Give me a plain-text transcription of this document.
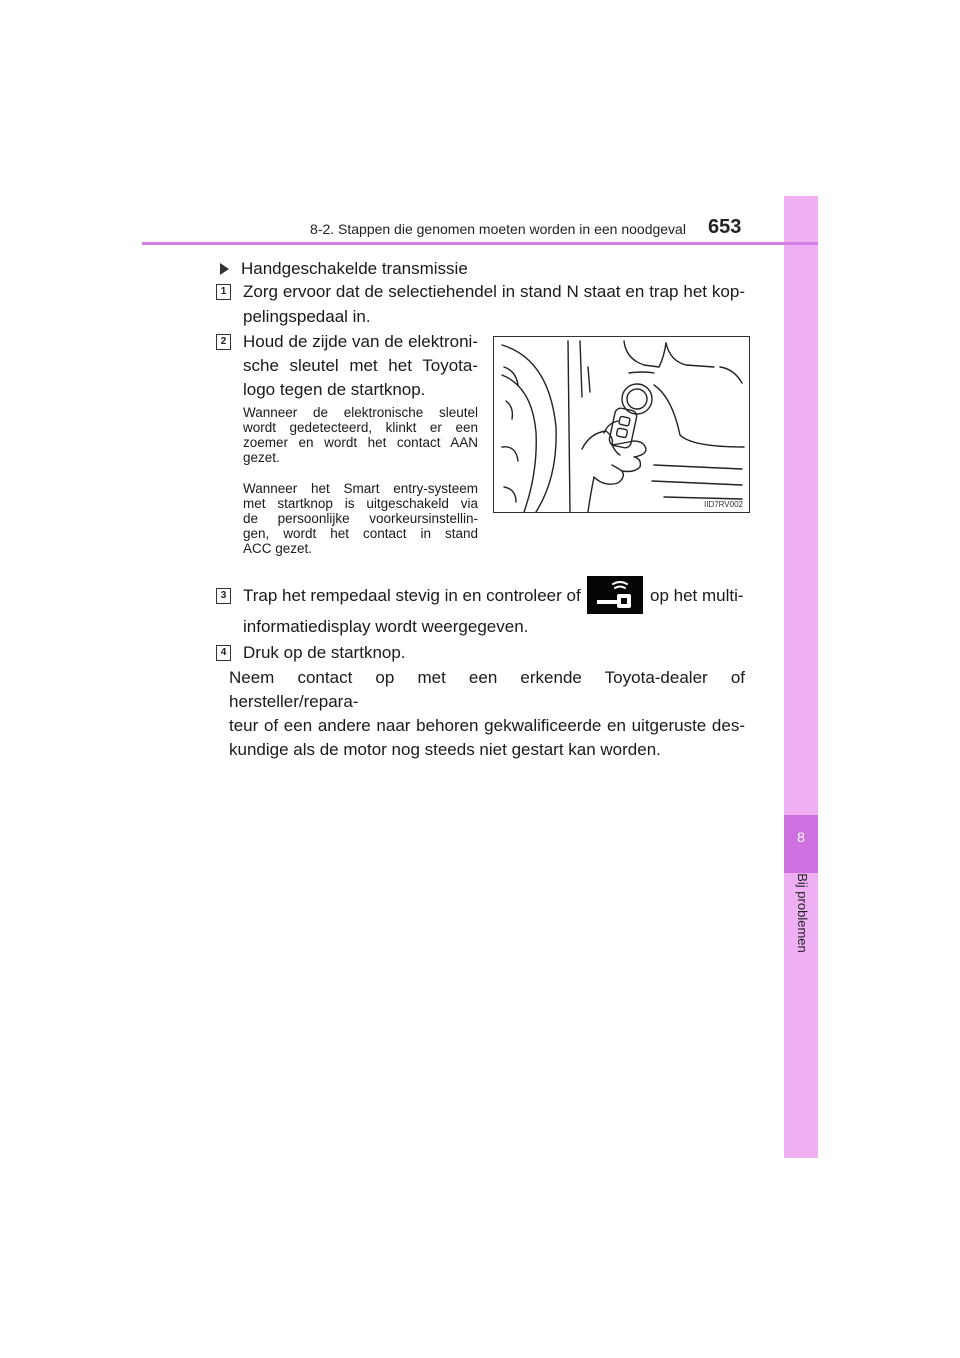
8
Bij problemen
8-2. Stappen die genomen moeten worden in een noodgeval 653
Handgeschakelde transmissie
1 Zorg ervoor dat de selectiehendel in stand N staat en trap het kop-
pelingspedaal in.
2 Houd de zijde van de elektroni-
sche sleutel met het Toyota-
logo tegen de startknop.
Wanneer de elektronische sleutel
wordt gedetecteerd, klinkt er een
zoemer en wordt het contact AAN
gezet.
Wanneer het Smart entry-systeem
met startknop is uitgeschakeld via
de persoonlijke voorkeursinstellin-
gen, wordt het contact in stand
ACC gezet.
IID7RV002
3 Trap het rempedaal stevig in en controleer of	op het multi-
informatiedisplay wordt weergegeven.
4 Druk op de startknop.
Neem contact op met een erkende Toyota-dealer of hersteller/repara-
teur of een andere naar behoren gekwalificeerde en uitgeruste des-
kundige als de motor nog steeds niet gestart kan worden.
